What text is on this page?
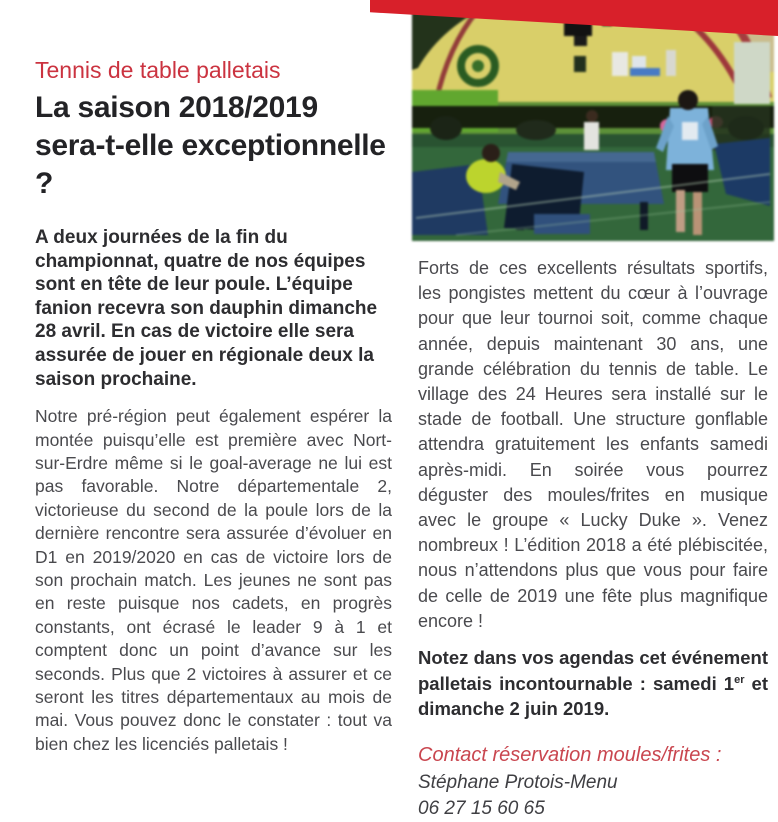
Tennis de table palletais
La saison 2018/2019 sera-t-elle exceptionnelle ?

A deux journées de la fin du championnat, quatre de nos équipes sont en tête de leur poule. L’équipe fanion recevra son dauphin dimanche 28 avril. En cas de victoire elle sera assurée de jouer en régionale deux la saison prochaine.

Notre pré-région peut également espérer la montée puisqu’elle est première avec Nort-sur-Erdre même si le goal-average ne lui est pas favorable. Notre départementale 2, victorieuse du second de la poule lors de la dernière rencontre sera assurée d’évoluer en D1 en 2019/2020 en cas de victoire lors de son prochain match. Les jeunes ne sont pas en reste puisque nos cadets, en progrès constants, ont écrasé le leader 9 à 1 et comptent donc un point d’avance sur les seconds. Plus que 2 victoires à assurer et ce seront les titres départementaux au mois de mai. Vous pouvez donc le constater : tout va bien chez les licenciés palletais !

Forts de ces excellents résultats sportifs, les pongistes mettent du cœur à l’ouvrage pour que leur tournoi soit, comme chaque année, depuis maintenant 30 ans, une grande célébration du tennis de table. Le village des 24 Heures sera installé sur le stade de football. Une structure gonflable attendra gratuitement les enfants samedi après-midi. En soirée vous pourrez déguster des moules/frites en musique avec le groupe « Lucky Duke ». Venez nombreux ! L’édition 2018 a été plébiscitée, nous n’attendons plus que vous pour faire de celle de 2019 une fête plus magnifique encore !

Notez dans vos agendas cet événement palletais incontournable : samedi 1er et dimanche 2 juin 2019.

Contact réservation moules/frites :

Stéphane Protois-Menu

06 27 15 60 65
